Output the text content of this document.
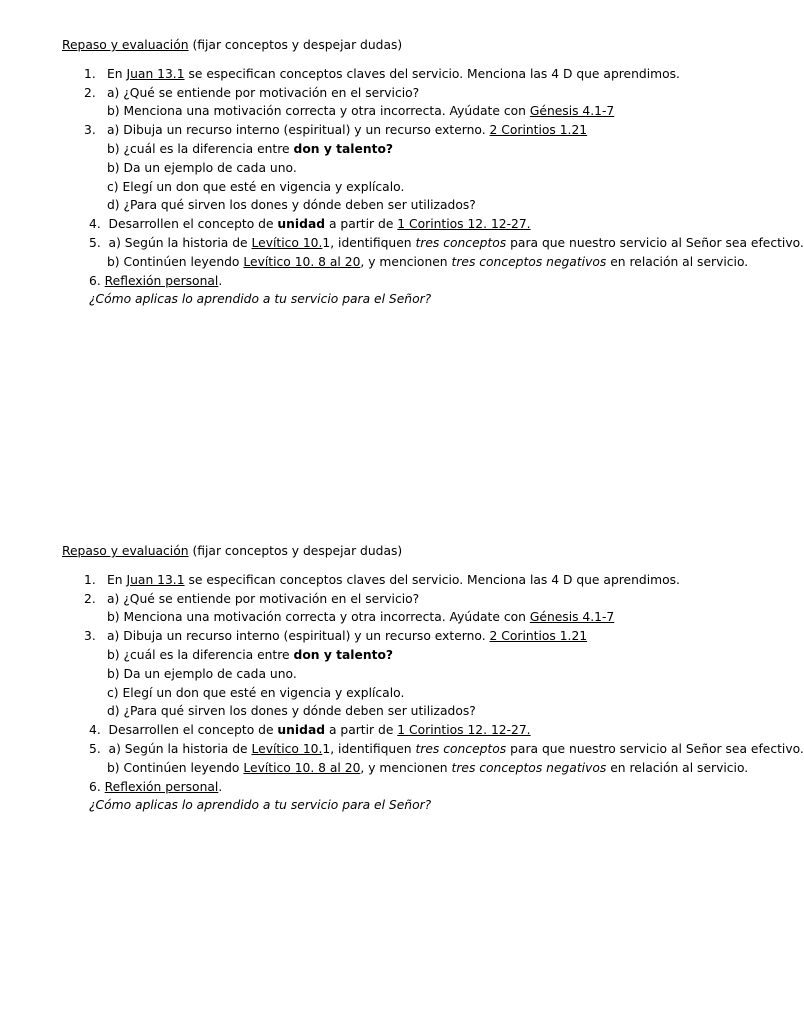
Repaso y evaluación (fijar conceptos y despejar dudas)
1. En Juan 13.1 se especifican conceptos claves del servicio. Menciona las 4 D que aprendimos.
2. a) ¿Qué se entiende por motivación en el servicio?
b) Menciona una motivación correcta y otra incorrecta. Ayúdate con Génesis 4.1-7
3. a) Dibuja un recurso interno (espiritual) y un recurso externo. 2 Corintios 1.21
b) ¿cuál es la diferencia entre don y talento?
b) Da un ejemplo de cada uno.
c) Elegí un don que esté en vigencia y explícalo.
d) ¿Para qué sirven los dones y dónde deben ser utilizados?
4.  Desarrollen el concepto de unidad a partir de 1 Corintios 12. 12-27.
5.  a) Según la historia de Levítico 10.1, identifiquen tres conceptos para que nuestro servicio al Señor sea efectivo.
b) Continúen leyendo Levítico 10. 8 al 20, y mencionen tres conceptos negativos en relación al servicio.
6. Reflexión personal.
¿Cómo aplicas lo aprendido a tu servicio para el Señor?
Repaso y evaluación (fijar conceptos y despejar dudas)
1. En Juan 13.1 se especifican conceptos claves del servicio. Menciona las 4 D que aprendimos.
2. a) ¿Qué se entiende por motivación en el servicio?
b) Menciona una motivación correcta y otra incorrecta. Ayúdate con Génesis 4.1-7
3. a) Dibuja un recurso interno (espiritual) y un recurso externo. 2 Corintios 1.21
b) ¿cuál es la diferencia entre don y talento?
b) Da un ejemplo de cada uno.
c) Elegí un don que esté en vigencia y explícalo.
d) ¿Para qué sirven los dones y dónde deben ser utilizados?
4.  Desarrollen el concepto de unidad a partir de 1 Corintios 12. 12-27.
5.  a) Según la historia de Levítico 10.1, identifiquen tres conceptos para que nuestro servicio al Señor sea efectivo.
b) Continúen leyendo Levítico 10. 8 al 20, y mencionen tres conceptos negativos en relación al servicio.
6. Reflexión personal.
¿Cómo aplicas lo aprendido a tu servicio para el Señor?
